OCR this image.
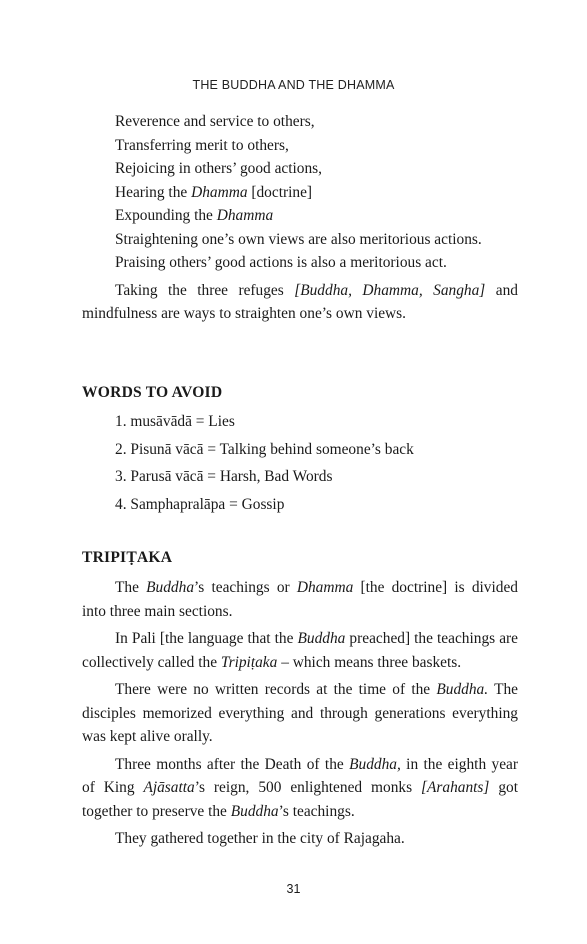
THE BUDDHA AND THE DHAMMA
Reverence and service to others,
Transferring merit to others,
Rejoicing in others’ good actions,
Hearing the Dhamma [doctrine]
Expounding the Dhamma
Straightening one’s own views are also meritorious actions.
Praising others’ good actions is also a meritorious act.

Taking the three refuges [Buddha, Dhamma, Sangha] and mindfulness are ways to straighten one’s own views.

WORDS TO AVOID
1. musāvādā = Lies
2. Pisunā vācā = Talking behind someone’s back
3. Parusā vācā = Harsh, Bad Words
4. Samphapralāpa = Gossip
TRIPIṬAKA

The Buddha’s teachings or Dhamma [the doctrine] is divided into three main sections.

In Pali [the language that the Buddha preached] the teachings are collectively called the Tripiṭaka – which means three baskets.

There were no written records at the time of the Buddha. The disciples memorized everything and through generations everything was kept alive orally.

Three months after the Death of the Buddha, in the eighth year of King Ajāsatta’s reign, 500 enlightened monks [Arahants] got together to preserve the Buddha’s teachings.

They gathered together in the city of Rajagaha.

31
